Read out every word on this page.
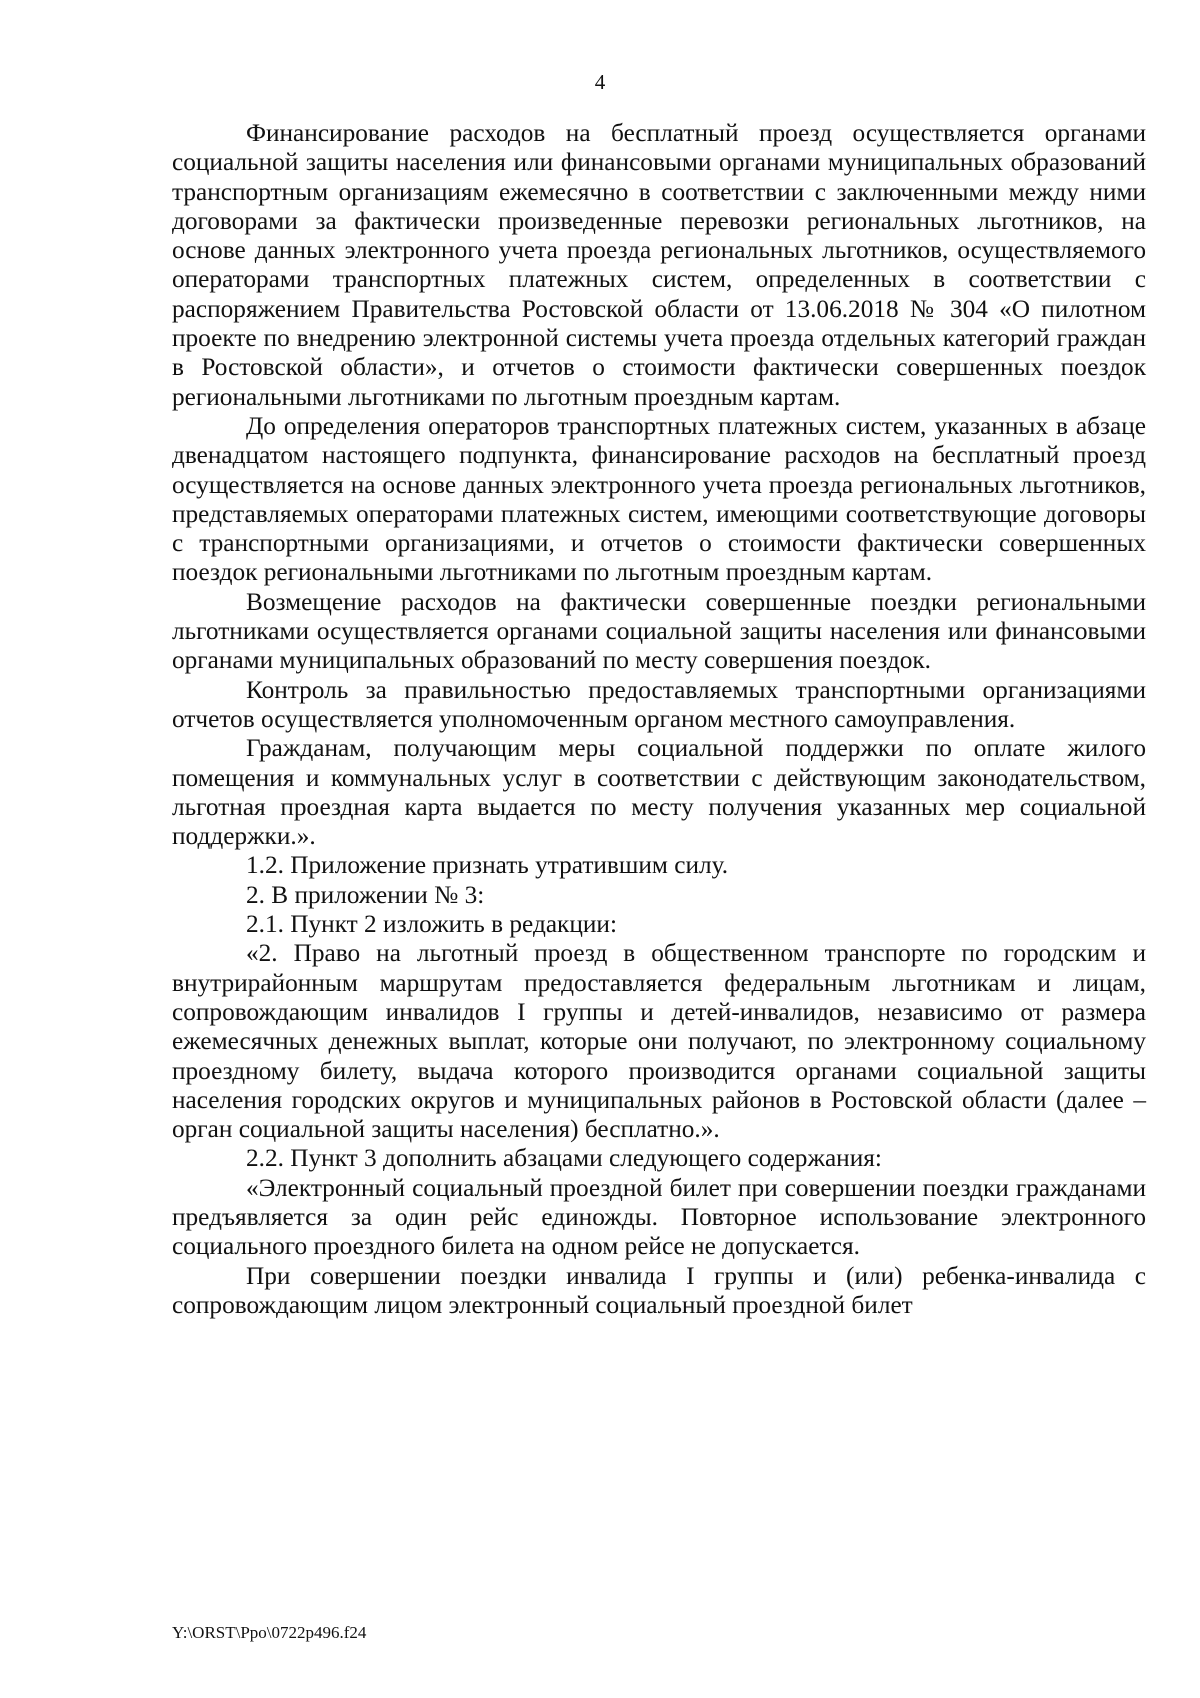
4

Финансирование расходов на бесплатный проезд осуществляется органами социальной защиты населения или финансовыми органами муниципальных образований транспортным организациям ежемесячно в соответствии с заключенными между ними договорами за фактически произведенные перевозки региональных льготников, на основе данных электронного учета проезда региональных льготников, осуществляемого операторами транспортных платежных систем, определенных в соответствии с распоряжением Правительства Ростовской области от 13.06.2018 № 304 «О пилотном проекте по внедрению электронной системы учета проезда отдельных категорий граждан в Ростовской области», и отчетов о стоимости фактически совершенных поездок региональными льготниками по льготным проездным картам.

До определения операторов транспортных платежных систем, указанных в абзаце двенадцатом настоящего подпункта, финансирование расходов на бесплатный проезд осуществляется на основе данных электронного учета проезда региональных льготников, представляемых операторами платежных систем, имеющими соответствующие договоры с транспортными организациями, и отчетов о стоимости фактически совершенных поездок региональными льготниками по льготным проездным картам.

Возмещение расходов на фактически совершенные поездки региональными льготниками осуществляется органами социальной защиты населения или финансовыми органами муниципальных образований по месту совершения поездок.

Контроль за правильностью предоставляемых транспортными организациями отчетов осуществляется уполномоченным органом местного самоуправления.

Гражданам, получающим меры социальной поддержки по оплате жилого помещения и коммунальных услуг в соответствии с действующим законодательством, льготная проездная карта выдается по месту получения указанных мер социальной поддержки.».

1.2. Приложение признать утратившим силу.

2. В приложении № 3:

2.1. Пункт 2 изложить в редакции:

«2. Право на льготный проезд в общественном транспорте по городским и внутрирайонным маршрутам предоставляется федеральным льготникам и лицам, сопровождающим инвалидов I группы и детей-инвалидов, независимо от размера ежемесячных денежных выплат, которые они получают, по электронному социальному проездному билету, выдача которого производится органами социальной защиты населения городских округов и муниципальных районов в Ростовской области (далее – орган социальной защиты населения) бесплатно.».

2.2. Пункт 3 дополнить абзацами следующего содержания:

«Электронный социальный проездной билет при совершении поездки гражданами предъявляется за один рейс единожды. Повторное использование электронного социального проездного билета на одном рейсе не допускается.

При совершении поездки инвалида I группы и (или) ребенка-инвалида с сопровождающим лицом электронный социальный проездной билет

Y:\ORST\Ppo\0722p496.f24
